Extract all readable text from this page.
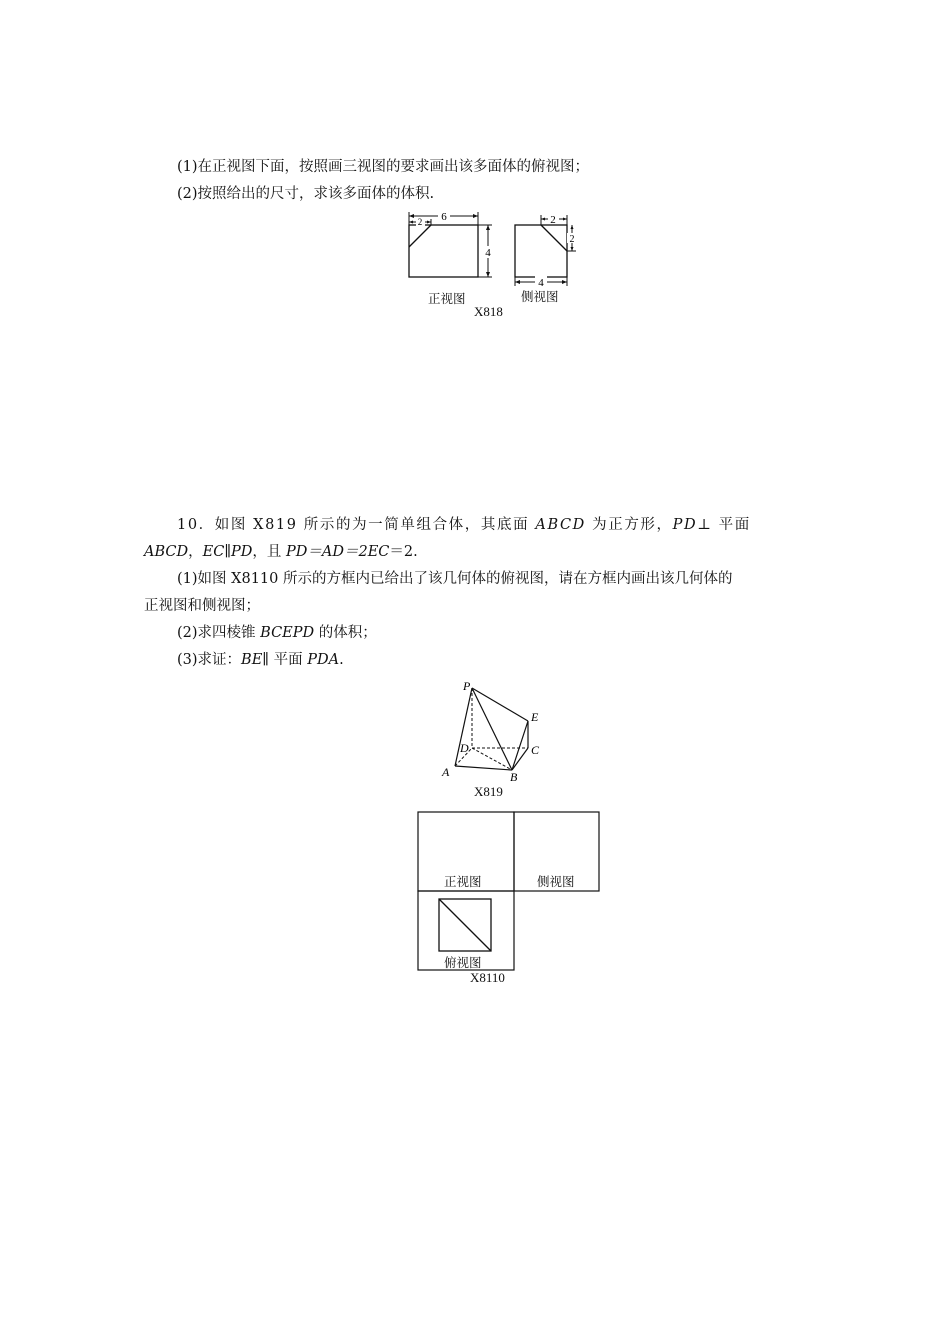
(1)在正视图下面，按照画三视图的要求画出该多面体的俯视图；
(2)按照给出的尺寸，求该多面体的体积.
6
2
4
2
2
4
正视图	侧视图
X818
10．如图 X819 所示的为一简单组合体，其底面 ABCD 为正方形，PD⊥ 平面
ABCD，EC∥PD，且 PD＝AD＝2EC＝2.
(1)如图 X8110 所示的方框内已给出了该几何体的俯视图，请在方框内画出该几何体的
正视图和侧视图；
(2)求四棱锥 BCEPD 的体积；
(3)求证：BE∥ 平面 PDA.
P
E
D	C
A	B
X819
正视图	侧视图
俯视图
X8110
